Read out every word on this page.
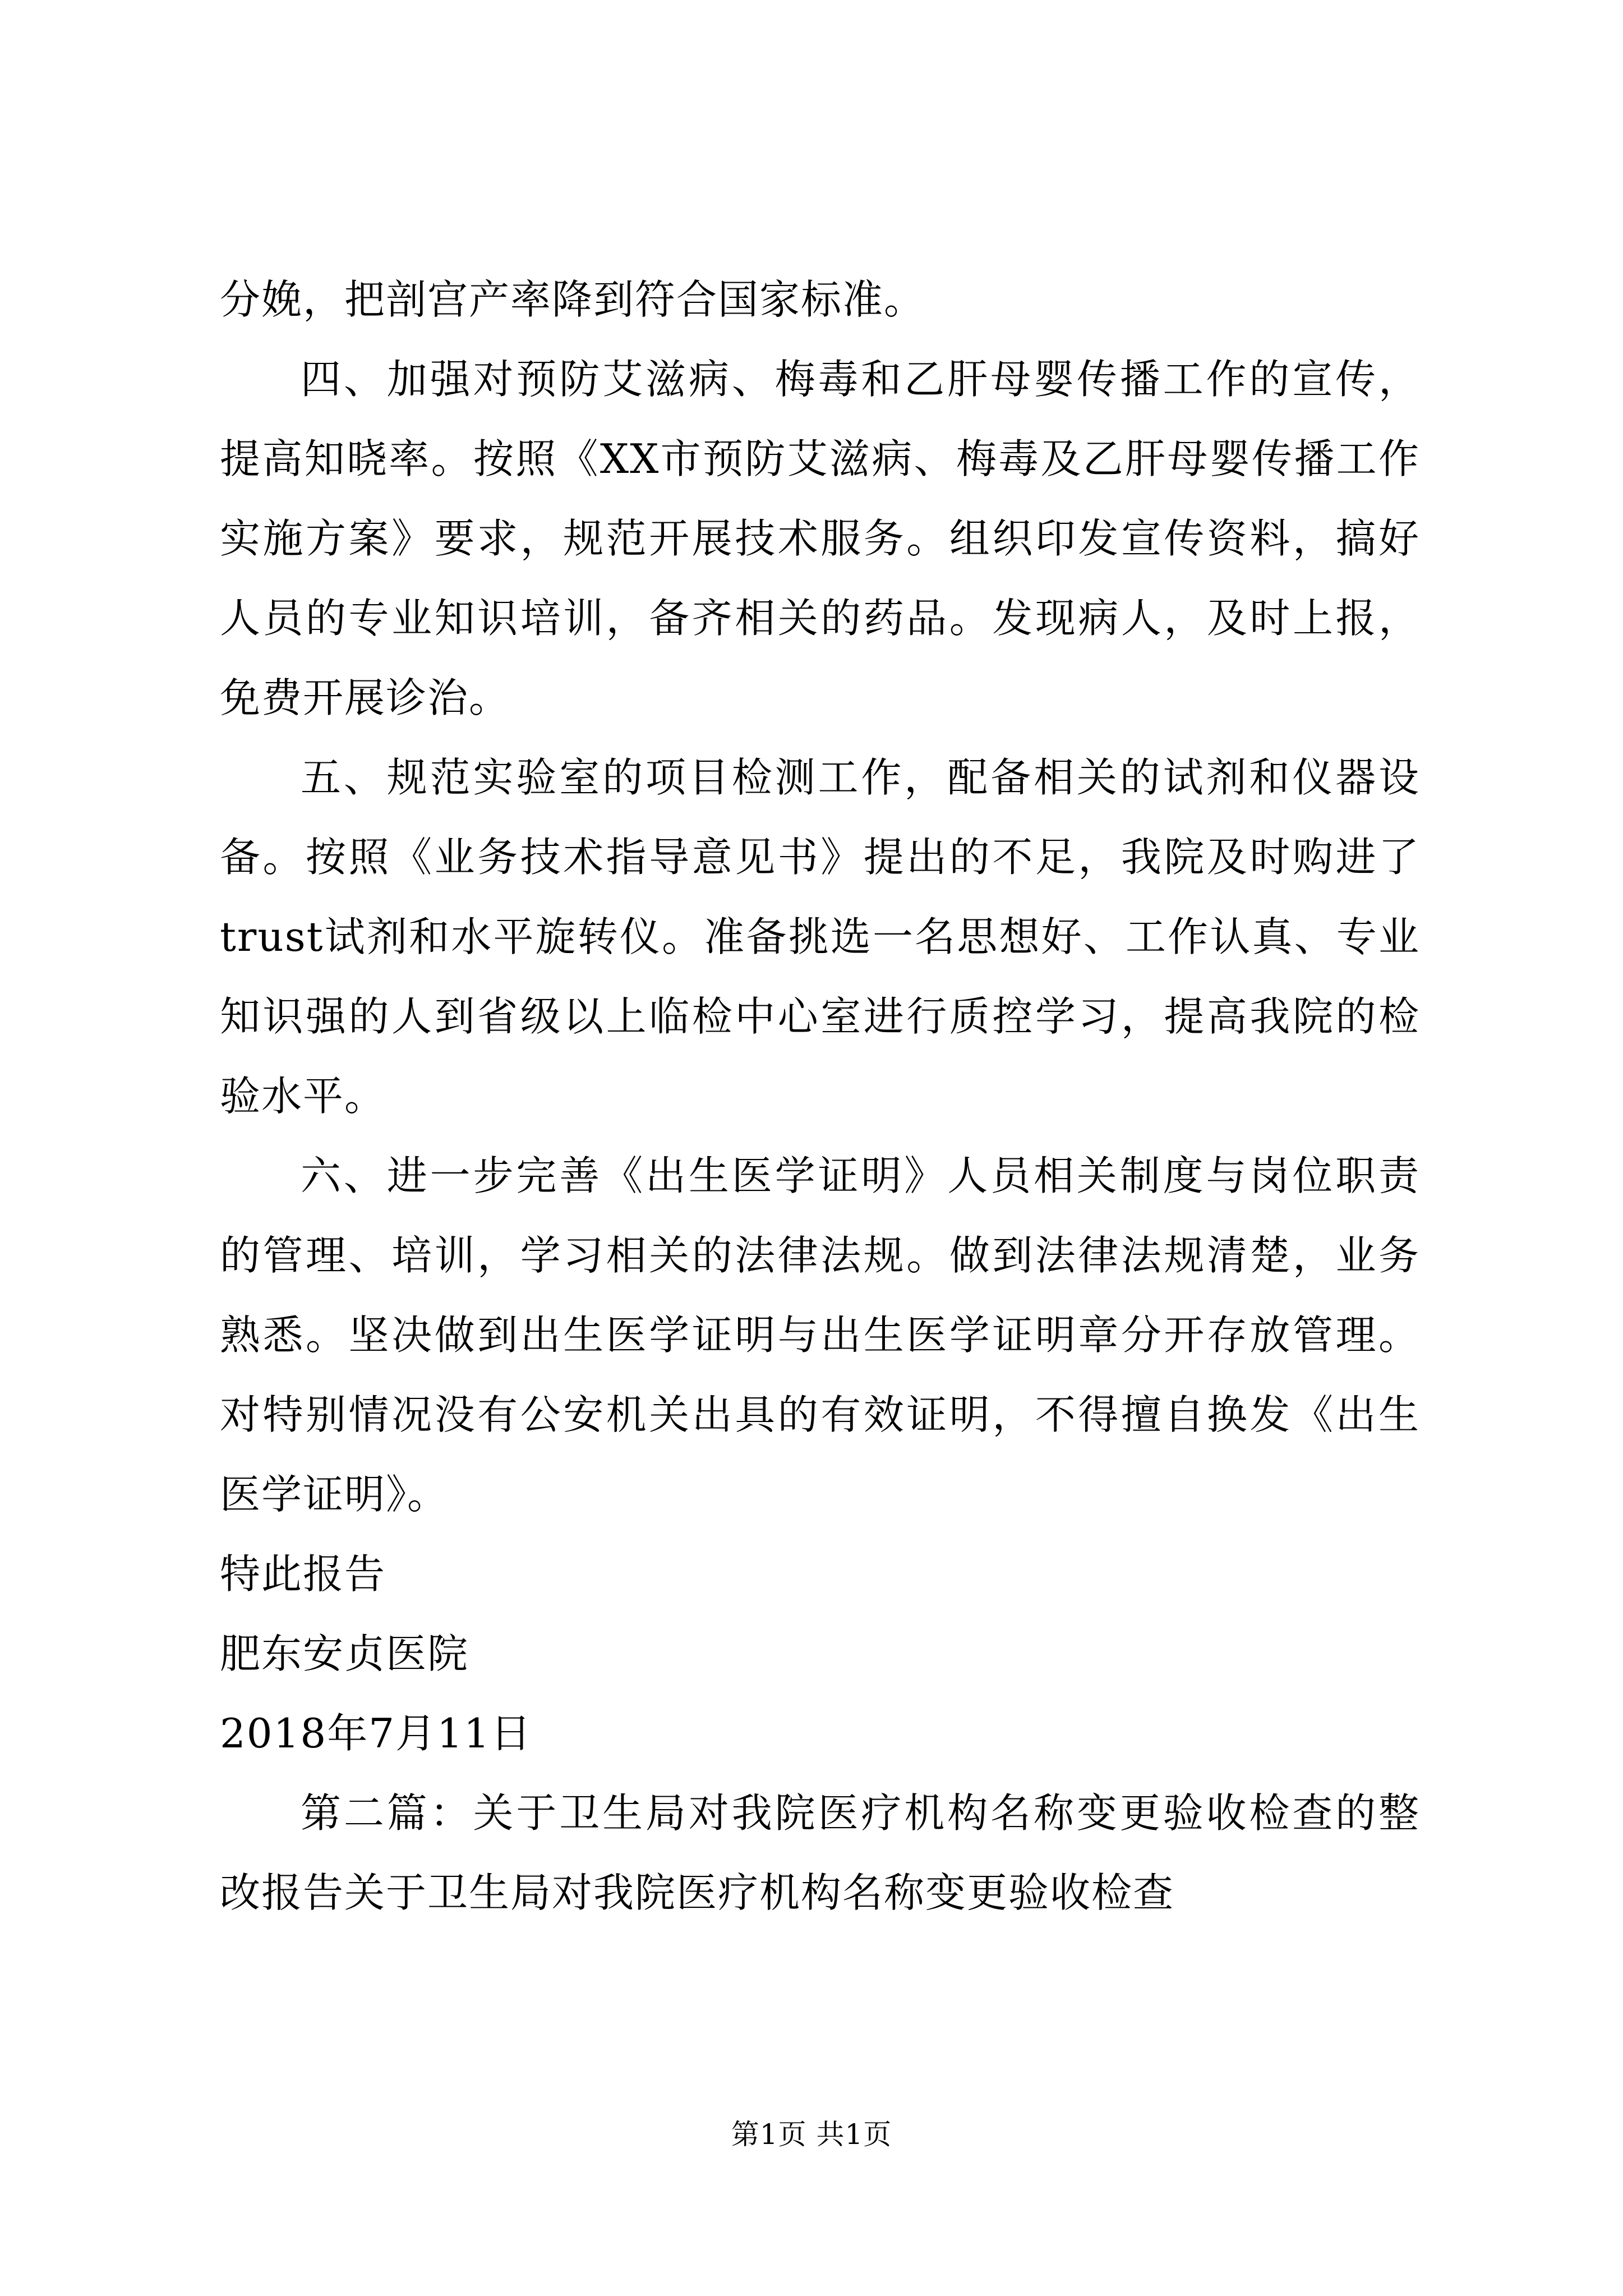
分娩，把剖宫产率降到符合国家标准。

四、加强对预防艾滋病、梅毒和乙肝母婴传播工作的宣传，提高知晓率。按照《XX市预防艾滋病、梅毒及乙肝母婴传播工作实施方案》要求，规范开展技术服务。组织印发宣传资料，搞好人员的专业知识培训，备齐相关的药品。发现病人，及时上报，免费开展诊治。

五、规范实验室的项目检测工作，配备相关的试剂和仪器设备。按照《业务技术指导意见书》提出的不足，我院及时购进了trust试剂和水平旋转仪。准备挑选一名思想好、工作认真、专业知识强的人到省级以上临检中心室进行质控学习，提高我院的检验水平。

六、进一步完善《出生医学证明》人员相关制度与岗位职责的管理、培训，学习相关的法律法规。做到法律法规清楚，业务熟悉。坚决做到出生医学证明与出生医学证明章分开存放管理。对特别情况没有公安机关出具的有效证明，不得擅自换发《出生医学证明》。

特此报告

肥东安贞医院

2018年7月11日

第二篇：关于卫生局对我院医疗机构名称变更验收检查的整改报告关于卫生局对我院医疗机构名称变更验收检查

第1页 共1页
